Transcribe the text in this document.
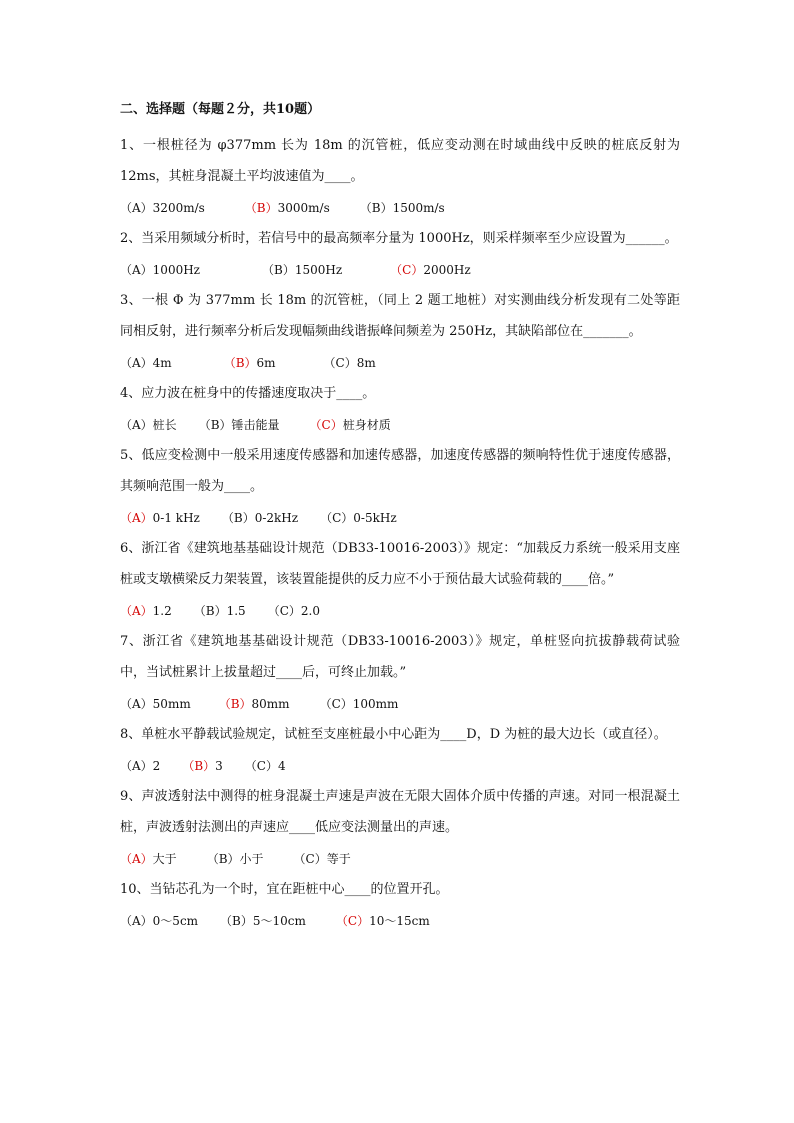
二、选择题（每题２分，共10题）

1、一根桩径为 φ377mm 长为 18m 的沉管桩，低应变动测在时域曲线中反映的桩底反射为12ms，其桩身混凝土平均波速值为____。

（A）3200m/s	（B）3000m/s	（B）1500m/s

2、当采用频域分析时，若信号中的最高频率分量为 1000Hz，则采样频率至少应设置为______。

（A）1000Hz	（B）1500Hz	（C）2000Hz

3、一根 Φ 为 377mm 长 18m 的沉管桩，（同上 2 题工地桩）对实测曲线分析发现有二处等距同相反射，进行频率分析后发现幅频曲线谐振峰间频差为 250Hz，其缺陷部位在_______。

（A）4m	（B）6m	（C）8m

4、应力波在桩身中的传播速度取决于____。

（A）桩长 （B）锤击能量	（C）桩身材质

5、低应变检测中一般采用速度传感器和加速传感器，加速度传感器的频响特性优于速度传感器，其频响范围一般为____。

（A）0-1 kHz （B）0-2kHz （C）0-5kHz

6、浙江省《建筑地基基础设计规范（DB33-10016-2003）》规定：“加载反力系统一般采用支座桩或支墩横梁反力架装置，该装置能提供的反力应不小于预估最大试验荷载的____倍。”

（A）1.2 （B）1.5 （C）2.0

7、浙江省《建筑地基基础设计规范（DB33-10016-2003）》规定，单桩竖向抗拔静载荷试验中，当试桩累计上拔量超过____后，可终止加载。”

（A）50mm （B）80mm	（C）100mm

8、单桩水平静载试验规定，试桩至支座桩最小中心距为____D，D 为桩的最大边长（或直径）。

（A）2 （B）3 （C）4

9、声波透射法中测得的桩身混凝土声速是声波在无限大固体介质中传播的声速。对同一根混凝土桩，声波透射法测出的声速应____低应变法测量出的声速。

（A）大于	（B）小于	（C）等于

10、当钻芯孔为一个时，宜在距桩中心____的位置开孔。

（A）0～5cm （B）5～10cm	（C）10～15cm
